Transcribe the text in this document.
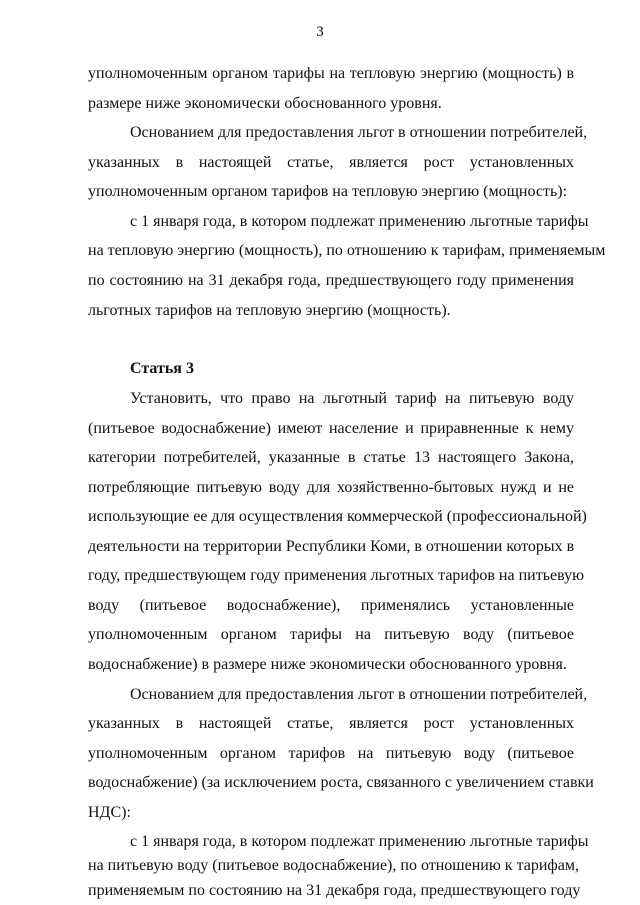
3
уполномоченным органом тарифы на тепловую энергию (мощность) в
размере ниже экономически обоснованного уровня.
Основанием для предоставления льгот в отношении потребителей,
указанных в настоящей статье, является рост установленных
уполномоченным органом тарифов на тепловую энергию (мощность):
с 1 января года, в котором подлежат применению льготные тарифы
на тепловую энергию (мощность), по отношению к тарифам, применяемым
по состоянию на 31 декабря года, предшествующего году применения
льготных тарифов на тепловую энергию (мощность).
Статья 3
Установить, что право на льготный тариф на питьевую воду
(питьевое водоснабжение) имеют население и приравненные к нему
категории потребителей, указанные в статье 13 настоящего Закона,
потребляющие питьевую воду для хозяйственно-бытовых нужд и не
использующие ее для осуществления коммерческой (профессиональной)
деятельности на территории Республики Коми, в отношении которых в
году, предшествующем году применения льготных тарифов на питьевую
воду (питьевое водоснабжение), применялись установленные
уполномоченным органом тарифы на питьевую воду (питьевое
водоснабжение) в размере ниже экономически обоснованного уровня.
Основанием для предоставления льгот в отношении потребителей,
указанных в настоящей статье, является рост установленных
уполномоченным органом тарифов на питьевую воду (питьевое
водоснабжение) (за исключением роста, связанного с увеличением ставки
НДС):
с 1 января года, в котором подлежат применению льготные тарифы
на питьевую воду (питьевое водоснабжение), по отношению к тарифам,
применяемым по состоянию на 31 декабря года, предшествующего году
